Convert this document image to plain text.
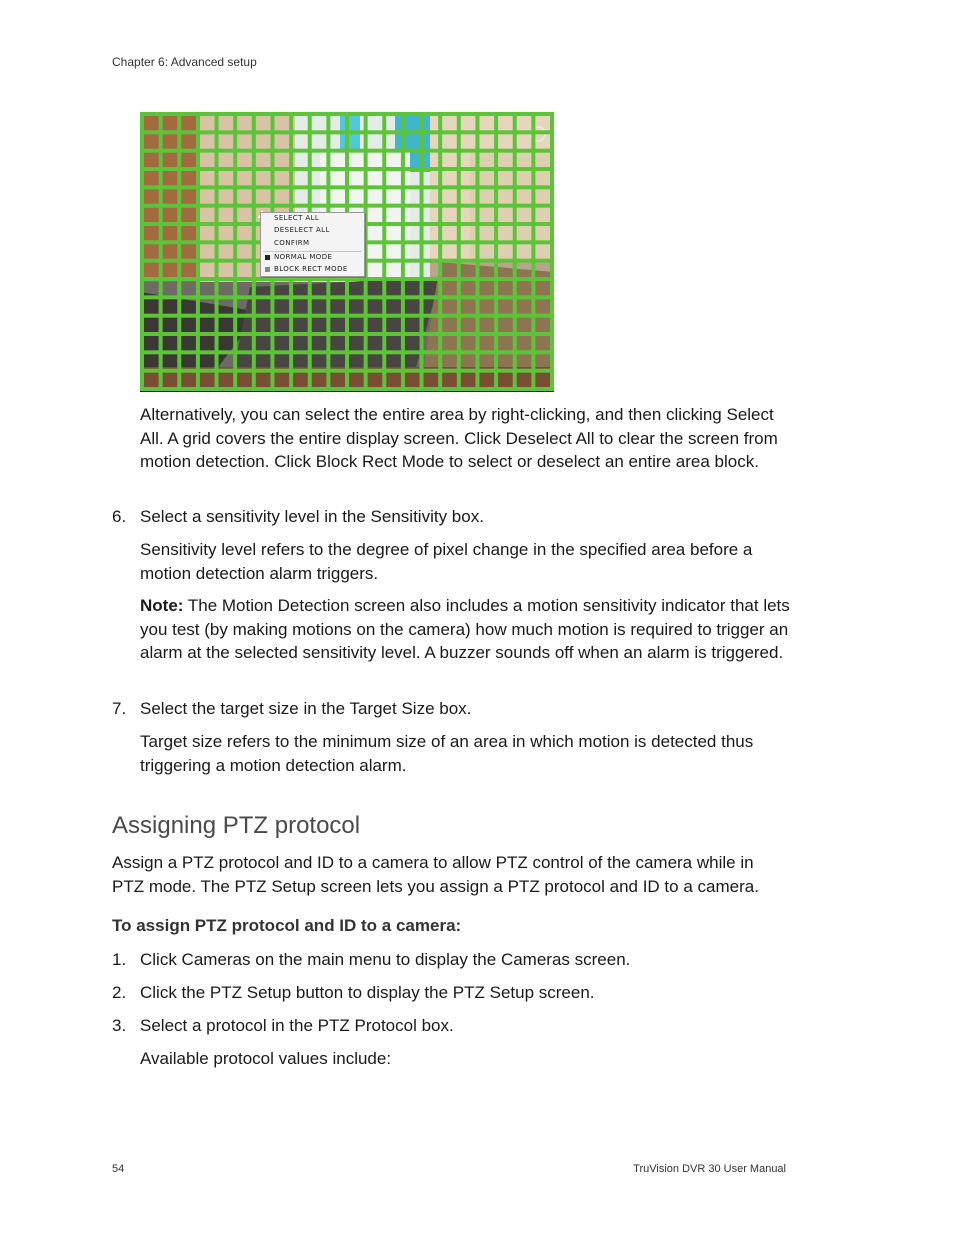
Chapter 6: Advanced setup
SELECT ALL
DESELECT ALL
CONFIRM
NORMAL MODE
BLOCK RECT MODE
Alternatively, you can select the entire area by right-clicking, and then clicking Select All. A grid covers the entire display screen. Click Deselect All to clear the screen from motion detection. Click Block Rect Mode to select or deselect an entire area block.
6. Select a sensitivity level in the Sensitivity box.
Sensitivity level refers to the degree of pixel change in the specified area before a motion detection alarm triggers.
Note: The Motion Detection screen also includes a motion sensitivity indicator that lets you test (by making motions on the camera) how much motion is required to trigger an alarm at the selected sensitivity level. A buzzer sounds off when an alarm is triggered.
7. Select the target size in the Target Size box.
Target size refers to the minimum size of an area in which motion is detected thus triggering a motion detection alarm.
Assigning PTZ protocol
Assign a PTZ protocol and ID to a camera to allow PTZ control of the camera while in PTZ mode. The PTZ Setup screen lets you assign a PTZ protocol and ID to a camera.
To assign PTZ protocol and ID to a camera:
1. Click Cameras on the main menu to display the Cameras screen.
2. Click the PTZ Setup button to display the PTZ Setup screen.
3. Select a protocol in the PTZ Protocol box.
Available protocol values include:
54	TruVision DVR 30 User Manual
